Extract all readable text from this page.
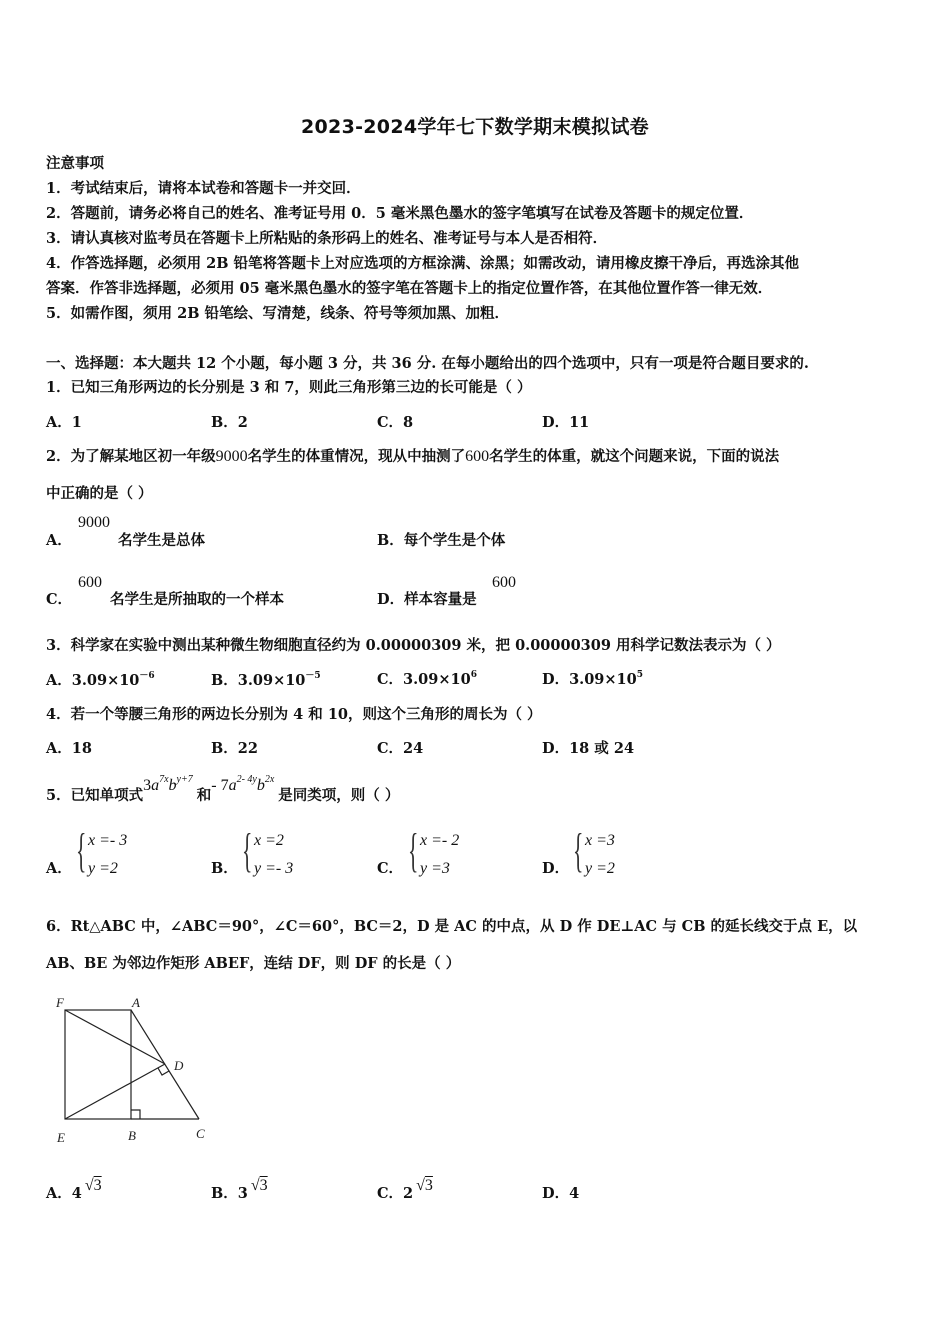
2023-2024学年七下数学期末模拟试卷
注意事项
1．考试结束后，请将本试卷和答题卡一并交回．
2．答题前，请务必将自己的姓名、准考证号用 0．5 毫米黑色墨水的签字笔填写在试卷及答题卡的规定位置．
3．请认真核对监考员在答题卡上所粘贴的条形码上的姓名、准考证号与本人是否相符．
4．作答选择题，必须用 2B 铅笔将答题卡上对应选项的方框涂满、涂黑；如需改动，请用橡皮擦干净后，再选涂其他
答案．作答非选择题，必须用 05 毫米黑色墨水的签字笔在答题卡上的指定位置作答，在其他位置作答一律无效．
5．如需作图，须用 2B 铅笔绘、写清楚，线条、符号等须加黑、加粗．
一、选择题：本大题共 12 个小题，每小题 3 分，共 36 分. 在每小题给出的四个选项中，只有一项是符合题目要求的.
1．已知三角形两边的长分别是 3 和 7，则此三角形第三边的长可能是（ ）
A．1	B．2	C．8	D．11
2．为了解某地区初一年级9000名学生的体重情况，现从中抽测了600名学生的体重，就这个问题来说，下面的说法
中正确的是（ ）
A．
9000
名学生是总体	B．每个学生是个体
C．
600
名学生是所抽取的一个样本	D．样本容量是
600
3．科学家在实验中测出某种微生物细胞直径约为 0.00000309 米，把 0.00000309 用科学记数法表示为（ ）
A．$3.09\times 10^{-6}$	B．$3.09\times 10^{-5}$	C．$3.09\times 10^6$	D．$3.09\times 10^5$
4．若一个等腰三角形的两边长分别为 4 和 10，则这个三角形的周长为（ ）
A．18	B．22	C．24	D．18 或 24
5．已知单项式$3a^{7x}b^{y+7}$和- $7a^{2- 4y}b^{2x}$是同类项，则（ ）
A． { x =- 3
y =2	B． { x =2
y =- 3	C． { x =- 2
y =3	D． { x =3
y =2
6．Rt△ABC 中，∠ABC＝90°，∠C＝60°，BC＝2，D 是 AC 的中点，从 D 作 DE⊥AC 与 CB 的延长线交于点 E，以
AB、BE 为邻边作矩形 ABEF，连结 DF，则 DF 的长是（ ）
F	A
D
E	B	C
A．4 √3	B．3 √3	C．2 √3	D．4
